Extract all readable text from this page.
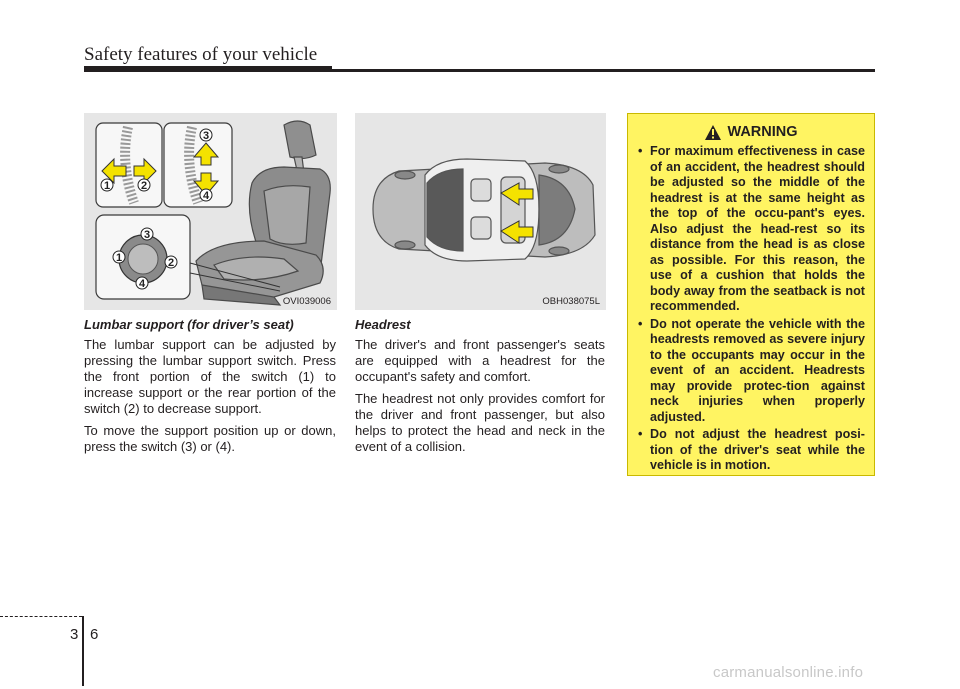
Safety features of your vehicle
1	2
3
4
1	2
3
4
OVI039006	OBH038075L
Lumbar support (for driver’s seat)

The lumbar support can be adjusted by pressing the lumbar support switch. Press the front portion of the switch (1) to increase support or the rear portion of the switch (2) to decrease support.

To move the support position up or down, press the switch (3) or (4).

Headrest

The driver's and front passenger's seats are equipped with a headrest for the occupant's safety and comfort.

The headrest not only provides comfort for the driver and front passenger, but also helps to protect the head and neck in the event of a collision.

WARNING
• For maximum effectiveness in case of an accident, the headrest should be adjusted so the middle of the headrest is at the same height as the top of the occu-pant's eyes. Also adjust the head-rest so its distance from the head is as close as possible. For this reason, the use of a cushion that holds the body away from the seatback is not recommended.
• Do not operate the vehicle with the headrests removed as severe injury to the occupants may occur in the event of an accident. Headrests may provide protec-tion against neck injuries when properly adjusted.
• Do not adjust the headrest posi-tion of the driver's seat while the vehicle is in motion.
3 6
carmanualsonline.info
